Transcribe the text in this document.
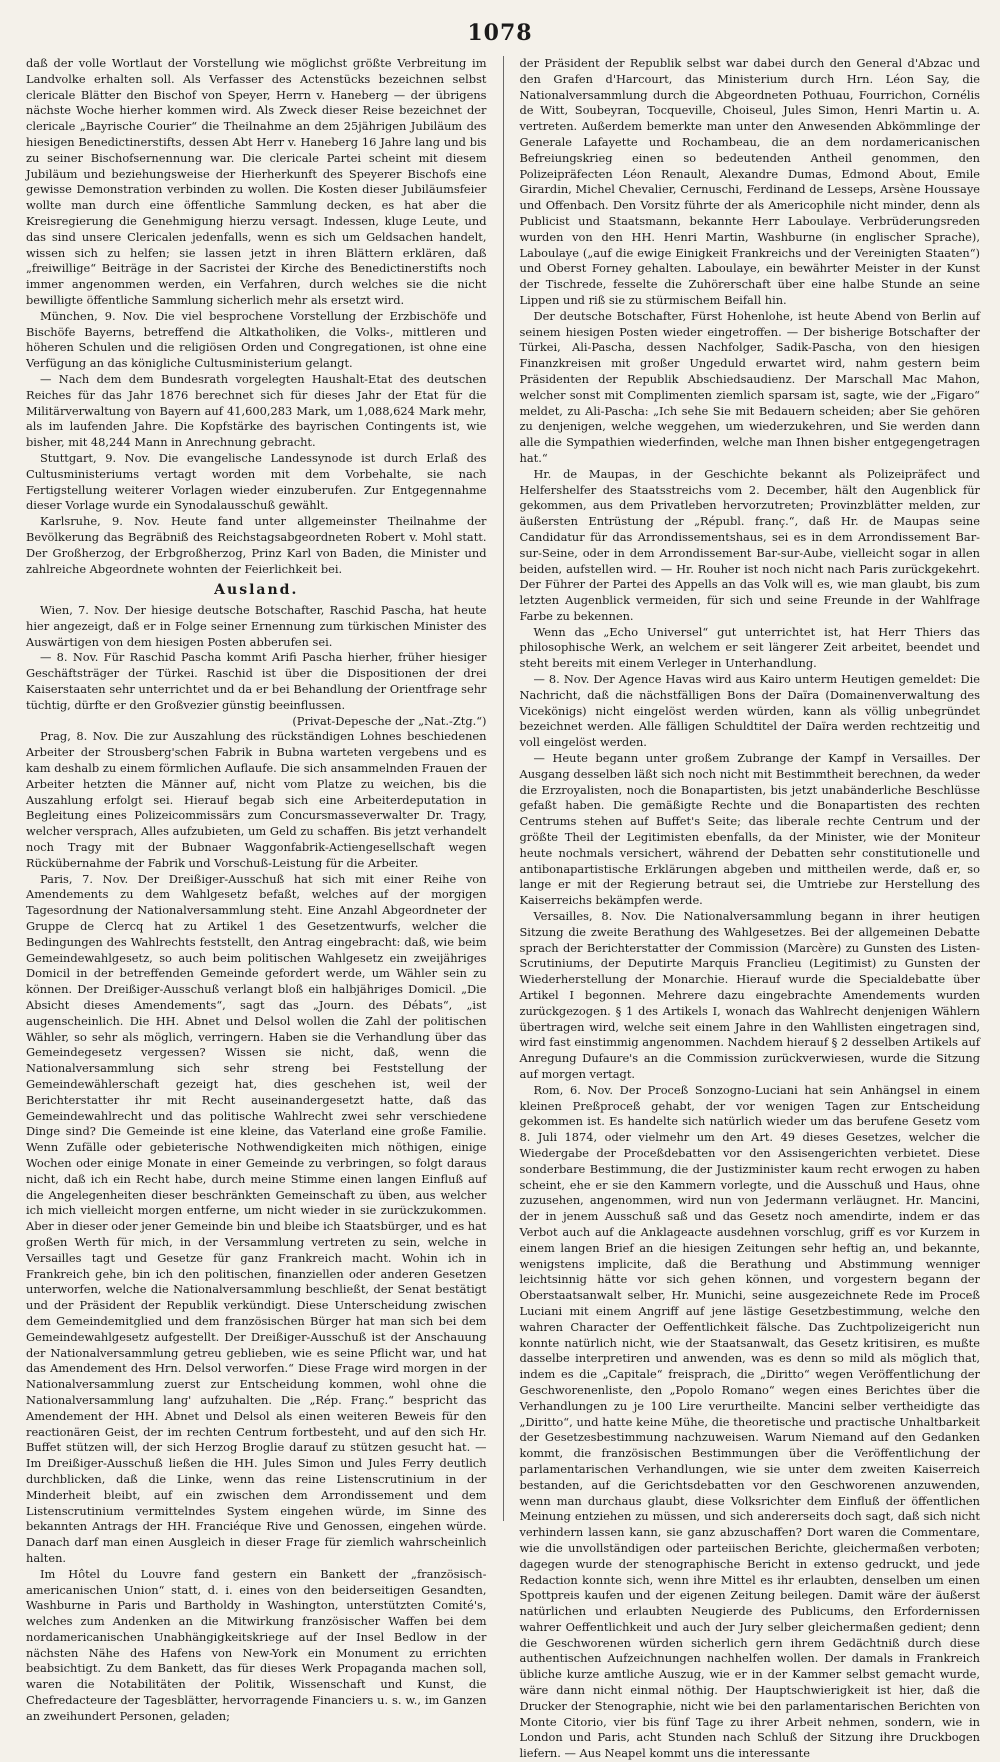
1078

daß der volle Wortlaut der Vorstellung wie möglichst größte Verbreitung im Landvolke erhalten soll. Als Verfasser des Actenstücks bezeichnen selbst clericale Blätter den Bischof von Speyer, Herrn v. Haneberg — der übrigens nächste Woche hierher kommen wird. Als Zweck dieser Reise bezeichnet der clericale „Bayrische Courier“ die Theilnahme an dem 25jährigen Jubiläum des hiesigen Benedictinerstifts, dessen Abt Herr v. Haneberg 16 Jahre lang und bis zu seiner Bischofsernennung war. Die clericale Partei scheint mit diesem Jubiläum und beziehungsweise der Hierherkunft des Speyerer Bischofs eine gewisse Demonstration verbinden zu wollen. Die Kosten dieser Jubiläumsfeier wollte man durch eine öffentliche Sammlung decken, es hat aber die Kreisregierung die Genehmigung hierzu versagt. Indessen, kluge Leute, und das sind unsere Clericalen jedenfalls, wenn es sich um Geldsachen handelt, wissen sich zu helfen; sie lassen jetzt in ihren Blättern erklären, daß „freiwillige“ Beiträge in der Sacristei der Kirche des Benedictinerstifts noch immer angenommen werden, ein Verfahren, durch welches sie die nicht bewilligte öffentliche Sammlung sicherlich mehr als ersetzt wird.

München, 9. Nov. Die viel besprochene Vorstellung der Erzbischöfe und Bischöfe Bayerns, betreffend die Altkatholiken, die Volks-, mittleren und höheren Schulen und die religiösen Orden und Congregationen, ist ohne eine Verfügung an das königliche Cultusministerium gelangt.

— Nach dem dem Bundesrath vorgelegten Haushalt-Etat des deutschen Reiches für das Jahr 1876 berechnet sich für dieses Jahr der Etat für die Militärverwaltung von Bayern auf 41,600,283 Mark, um 1,088,624 Mark mehr, als im laufenden Jahre. Die Kopfstärke des bayrischen Contingents ist, wie bisher, mit 48,244 Mann in Anrechnung gebracht.

Stuttgart, 9. Nov. Die evangelische Landessynode ist durch Erlaß des Cultusministeriums vertagt worden mit dem Vorbehalte, sie nach Fertigstellung weiterer Vorlagen wieder einzuberufen. Zur Entgegennahme dieser Vorlage wurde ein Synodalausschuß gewählt.

Karlsruhe, 9. Nov. Heute fand unter allgemeinster Theilnahme der Bevölkerung das Begräbniß des Reichstagsabgeordneten Robert v. Mohl statt. Der Großherzog, der Erbgroßherzog, Prinz Karl von Baden, die Minister und zahlreiche Abgeordnete wohnten der Feierlichkeit bei.

Ausland.

Wien, 7. Nov. Der hiesige deutsche Botschafter, Raschid Pascha, hat heute hier angezeigt, daß er in Folge seiner Ernennung zum türkischen Minister des Auswärtigen von dem hiesigen Posten abberufen sei.

— 8. Nov. Für Raschid Pascha kommt Arifi Pascha hierher, früher hiesiger Geschäftsträger der Türkei. Raschid ist über die Dispositionen der drei Kaiserstaaten sehr unterrichtet und da er bei Behandlung der Orientfrage sehr tüchtig, dürfte er den Großvezier günstig beeinflussen.

(Privat-Depesche der „Nat.-Ztg.“)

Prag, 8. Nov. Die zur Auszahlung des rückständigen Lohnes beschiedenen Arbeiter der Strousberg'schen Fabrik in Bubna warteten vergebens und es kam deshalb zu einem förmlichen Auflaufe. Die sich ansammelnden Frauen der Arbeiter hetzten die Männer auf, nicht vom Platze zu weichen, bis die Auszahlung erfolgt sei. Hierauf begab sich eine Arbeiterdeputation in Begleitung eines Polizeicommissärs zum Concursmasseverwalter Dr. Tragy, welcher versprach, Alles aufzubieten, um Geld zu schaffen. Bis jetzt verhandelt noch Tragy mit der Bubnaer Waggonfabrik-Actiengesellschaft wegen Rückübernahme der Fabrik und Vorschuß-Leistung für die Arbeiter.

Paris, 7. Nov. Der Dreißiger-Ausschuß hat sich mit einer Reihe von Amendements zu dem Wahlgesetz befaßt, welches auf der morgigen Tagesordnung der Nationalversammlung steht. Eine Anzahl Abgeordneter der Gruppe de Clercq hat zu Artikel 1 des Gesetzentwurfs, welcher die Bedingungen des Wahlrechts feststellt, den Antrag eingebracht: daß, wie beim Gemeindewahlgesetz, so auch beim politischen Wahlgesetz ein zweijähriges Domicil in der betreffenden Gemeinde gefordert werde, um Wähler sein zu können. Der Dreißiger-Ausschuß verlangt bloß ein halbjähriges Domicil. „Die Absicht dieses Amendements“, sagt das „Journ. des Débats“, „ist augenscheinlich. Die HH. Abnet und Delsol wollen die Zahl der politischen Wähler, so sehr als möglich, verringern. Haben sie die Verhandlung über das Gemeindegesetz vergessen? Wissen sie nicht, daß, wenn die Nationalversammlung sich sehr streng bei Feststellung der Gemeindewählerschaft gezeigt hat, dies geschehen ist, weil der Berichterstatter ihr mit Recht auseinandergesetzt hatte, daß das Gemeindewahlrecht und das politische Wahlrecht zwei sehr verschiedene Dinge sind? Die Gemeinde ist eine kleine, das Vaterland eine große Familie. Wenn Zufälle oder gebieterische Nothwendigkeiten mich nöthigen, einige Wochen oder einige Monate in einer Gemeinde zu verbringen, so folgt daraus nicht, daß ich ein Recht habe, durch meine Stimme einen langen Einfluß auf die Angelegenheiten dieser beschränkten Gemeinschaft zu üben, aus welcher ich mich vielleicht morgen entferne, um nicht wieder in sie zurückzukommen. Aber in dieser oder jener Gemeinde bin und bleibe ich Staatsbürger, und es hat großen Werth für mich, in der Versammlung vertreten zu sein, welche in Versailles tagt und Gesetze für ganz Frankreich macht. Wohin ich in Frankreich gehe, bin ich den politischen, finanziellen oder anderen Gesetzen unterworfen, welche die Nationalversammlung beschließt, der Senat bestätigt und der Präsident der Republik verkündigt. Diese Unterscheidung zwischen dem Gemeindemitglied und dem französischen Bürger hat man sich bei dem Gemeindewahlgesetz aufgestellt. Der Dreißiger-Ausschuß ist der Anschauung der Nationalversammlung getreu geblieben, wie es seine Pflicht war, und hat das Amendement des Hrn. Delsol verworfen.“ Diese Frage wird morgen in der Nationalversammlung zuerst zur Entscheidung kommen, wohl ohne die Nationalversammlung lang' aufzuhalten. Die „Rép. Franç.“ bespricht das Amendement der HH. Abnet und Delsol als einen weiteren Beweis für den reactionären Geist, der im rechten Centrum fortbesteht, und auf den sich Hr. Buffet stützen will, der sich Herzog Broglie darauf zu stützen gesucht hat. — Im Dreißiger-Ausschuß ließen die HH. Jules Simon und Jules Ferry deutlich durchblicken, daß die Linke, wenn das reine Listenscrutinium in der Minderheit bleibt, auf ein zwischen dem Arrondissement und dem Listenscrutinium vermittelndes System eingehen würde, im Sinne des bekannten Antrags der HH. Franciéque Rive und Genossen, eingehen würde. Danach darf man einen Ausgleich in dieser Frage für ziemlich wahrscheinlich halten.

Im Hôtel du Louvre fand gestern ein Bankett der „französisch-americanischen Union“ statt, d. i. eines von den beiderseitigen Gesandten, Washburne in Paris und Bartholdy in Washington, unterstützten Comité's, welches zum Andenken an die Mitwirkung französischer Waffen bei dem nordamericanischen Unabhängigkeitskriege auf der Insel Bedlow in der nächsten Nähe des Hafens von New-York ein Monument zu errichten beabsichtigt. Zu dem Bankett, das für dieses Werk Propaganda machen soll, waren die Notabilitäten der Politik, Wissenschaft und Kunst, die Chefredacteure der Tagesblätter, hervorragende Financiers u. s. w., im Ganzen an zweihundert Personen, geladen;

der Präsident der Republik selbst war dabei durch den General d'Abzac und den Grafen d'Harcourt, das Ministerium durch Hrn. Léon Say, die Nationalversammlung durch die Abgeordneten Pothuau, Fourrichon, Cornélis de Witt, Soubeyran, Tocqueville, Choiseul, Jules Simon, Henri Martin u. A. vertreten. Außerdem bemerkte man unter den Anwesenden Abkömmlinge der Generale Lafayette und Rochambeau, die an dem nordamericanischen Befreiungskrieg einen so bedeutenden Antheil genommen, den Polizeipräfecten Léon Renault, Alexandre Dumas, Edmond About, Emile Girardin, Michel Chevalier, Cernuschi, Ferdinand de Lesseps, Arsène Houssaye und Offenbach. Den Vorsitz führte der als Americophile nicht minder, denn als Publicist und Staatsmann, bekannte Herr Laboulaye. Verbrüderungsreden wurden von den HH. Henri Martin, Washburne (in englischer Sprache), Laboulaye („auf die ewige Einigkeit Frankreichs und der Vereinigten Staaten“) und Oberst Forney gehalten. Laboulaye, ein bewährter Meister in der Kunst der Tischrede, fesselte die Zuhörerschaft über eine halbe Stunde an seine Lippen und riß sie zu stürmischem Beifall hin.

Der deutsche Botschafter, Fürst Hohenlohe, ist heute Abend von Berlin auf seinem hiesigen Posten wieder eingetroffen. — Der bisherige Botschafter der Türkei, Ali-Pascha, dessen Nachfolger, Sadik-Pascha, von den hiesigen Finanzkreisen mit großer Ungeduld erwartet wird, nahm gestern beim Präsidenten der Republik Abschiedsaudienz. Der Marschall Mac Mahon, welcher sonst mit Complimenten ziemlich sparsam ist, sagte, wie der „Figaro“ meldet, zu Ali-Pascha: „Ich sehe Sie mit Bedauern scheiden; aber Sie gehören zu denjenigen, welche weggehen, um wiederzukehren, und Sie werden dann alle die Sympathien wiederfinden, welche man Ihnen bisher entgegengetragen hat.“

Hr. de Maupas, in der Geschichte bekannt als Polizeipräfect und Helfershelfer des Staatsstreichs vom 2. December, hält den Augenblick für gekommen, aus dem Privatleben hervorzutreten; Provinzblätter melden, zur äußersten Entrüstung der „Républ. franç.“, daß Hr. de Maupas seine Candidatur für das Arrondissementshaus, sei es in dem Arrondissement Bar-sur-Seine, oder in dem Arrondissement Bar-sur-Aube, vielleicht sogar in allen beiden, aufstellen wird. — Hr. Rouher ist noch nicht nach Paris zurückgekehrt. Der Führer der Partei des Appells an das Volk will es, wie man glaubt, bis zum letzten Augenblick vermeiden, für sich und seine Freunde in der Wahlfrage Farbe zu bekennen.

Wenn das „Echo Universel“ gut unterrichtet ist, hat Herr Thiers das philosophische Werk, an welchem er seit längerer Zeit arbeitet, beendet und steht bereits mit einem Verleger in Unterhandlung.

— 8. Nov. Der Agence Havas wird aus Kairo unterm Heutigen gemeldet: Die Nachricht, daß die nächstfälligen Bons der Daïra (Domainenverwaltung des Vicekönigs) nicht eingelöst werden würden, kann als völlig unbegründet bezeichnet werden. Alle fälligen Schuldtitel der Daïra werden rechtzeitig und voll eingelöst werden.

— Heute begann unter großem Zubrange der Kampf in Versailles. Der Ausgang desselben läßt sich noch nicht mit Bestimmtheit berechnen, da weder die Erzroyalisten, noch die Bonapartisten, bis jetzt unabänderliche Beschlüsse gefaßt haben. Die gemäßigte Rechte und die Bonapartisten des rechten Centrums stehen auf Buffet's Seite; das liberale rechte Centrum und der größte Theil der Legitimisten ebenfalls, da der Minister, wie der Moniteur heute nochmals versichert, während der Debatten sehr constitutionelle und antibonapartistische Erklärungen abgeben und mittheilen werde, daß er, so lange er mit der Regierung betraut sei, die Umtriebe zur Herstellung des Kaiserreichs bekämpfen werde.

Versailles, 8. Nov. Die Nationalversammlung begann in ihrer heutigen Sitzung die zweite Berathung des Wahlgesetzes. Bei der allgemeinen Debatte sprach der Berichterstatter der Commission (Marcère) zu Gunsten des Listen-Scrutiniums, der Deputirte Marquis Franclieu (Legitimist) zu Gunsten der Wiederherstellung der Monarchie. Hierauf wurde die Specialdebatte über Artikel I begonnen. Mehrere dazu eingebrachte Amendements wurden zurückgezogen. § 1 des Artikels I, wonach das Wahlrecht denjenigen Wählern übertragen wird, welche seit einem Jahre in den Wahllisten eingetragen sind, wird fast einstimmig angenommen. Nachdem hierauf § 2 desselben Artikels auf Anregung Dufaure's an die Commission zurückverwiesen, wurde die Sitzung auf morgen vertagt.

Rom, 6. Nov. Der Proceß Sonzogno-Luciani hat sein Anhängsel in einem kleinen Preßproceß gehabt, der vor wenigen Tagen zur Entscheidung gekommen ist. Es handelte sich natürlich wieder um das berufene Gesetz vom 8. Juli 1874, oder vielmehr um den Art. 49 dieses Gesetzes, welcher die Wiedergabe der Proceßdebatten vor den Assisengerichten verbietet. Diese sonderbare Bestimmung, die der Justizminister kaum recht erwogen zu haben scheint, ehe er sie den Kammern vorlegte, und die Ausschuß und Haus, ohne zuzusehen, angenommen, wird nun von Jedermann verläugnet. Hr. Mancini, der in jenem Ausschuß saß und das Gesetz noch amendirte, indem er das Verbot auch auf die Anklageacte ausdehnen vorschlug, griff es vor Kurzem in einem langen Brief an die hiesigen Zeitungen sehr heftig an, und bekannte, wenigstens implicite, daß die Berathung und Abstimmung wenniger leichtsinnig hätte vor sich gehen können, und vorgestern begann der Oberstaatsanwalt selber, Hr. Munichi, seine ausgezeichnete Rede im Proceß Luciani mit einem Angriff auf jene lästige Gesetzbestimmung, welche den wahren Character der Oeffentlichkeit fälsche. Das Zuchtpolizeigericht nun konnte natürlich nicht, wie der Staatsanwalt, das Gesetz kritisiren, es mußte dasselbe interpretiren und anwenden, was es denn so mild als möglich that, indem es die „Capitale“ freisprach, die „Diritto“ wegen Veröffentlichung der Geschworenenliste, den „Popolo Romano“ wegen eines Berichtes über die Verhandlungen zu je 100 Lire verurtheilte. Mancini selber vertheidigte das „Diritto“, und hatte keine Mühe, die theoretische und practische Unhaltbarkeit der Gesetzesbestimmung nachzuweisen. Warum Niemand auf den Gedanken kommt, die französischen Bestimmungen über die Veröffentlichung der parlamentarischen Verhandlungen, wie sie unter dem zweiten Kaiserreich bestanden, auf die Gerichtsdebatten vor den Geschworenen anzuwenden, wenn man durchaus glaubt, diese Volksrichter dem Einfluß der öffentlichen Meinung entziehen zu müssen, und sich andererseits doch sagt, daß sich nicht verhindern lassen kann, sie ganz abzuschaffen? Dort waren die Commentare, wie die unvollständigen oder parteiischen Berichte, gleichermaßen verboten; dagegen wurde der stenographische Bericht in extenso gedruckt, und jede Redaction konnte sich, wenn ihre Mittel es ihr erlaubten, denselben um einen Spottpreis kaufen und der eigenen Zeitung beilegen. Damit wäre der äußerst natürlichen und erlaubten Neugierde des Publicums, den Erfordernissen wahrer Oeffentlichkeit und auch der Jury selber gleichermaßen gedient; denn die Geschworenen würden sicherlich gern ihrem Gedächtniß durch diese authentischen Aufzeichnungen nachhelfen wollen. Der damals in Frankreich übliche kurze amtliche Auszug, wie er in der Kammer selbst gemacht wurde, wäre dann nicht einmal nöthig. Der Hauptschwierigkeit ist hier, daß die Drucker der Stenographie, nicht wie bei den parlamentarischen Berichten von Monte Citorio, vier bis fünf Tage zu ihrer Arbeit nehmen, sondern, wie in London und Paris, acht Stunden nach Schluß der Sitzung ihre Druckbogen liefern. — Aus Neapel kommt uns die interessante
